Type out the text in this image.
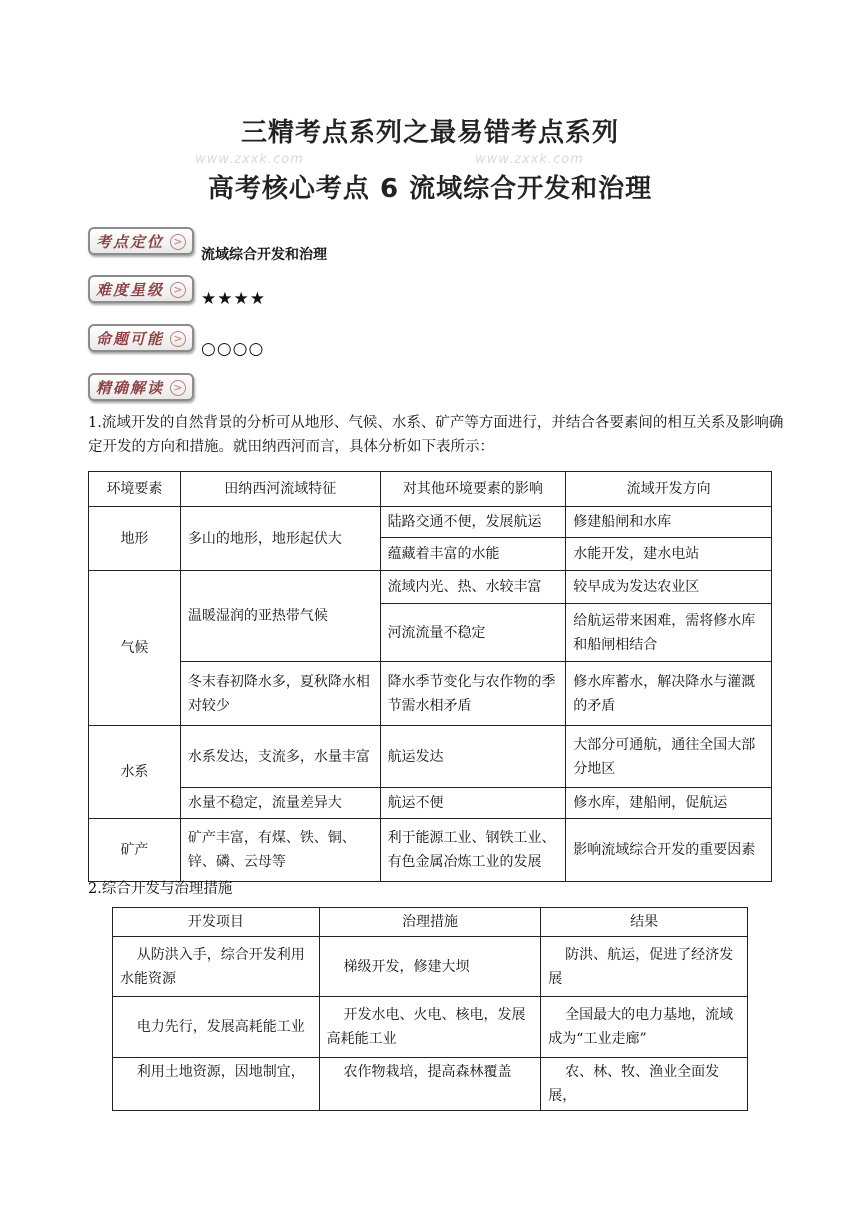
www.zxxk.com	www.zxxk.com
三精考点系列之最易错考点系列
高考核心考点 6 流域综合开发和治理
考点定位 >
流域综合开发和治理
难度星级 > ★★★★
命题可能 >
○○○○
精确解读 >
1.流域开发的自然背景的分析可从地形、气候、水系、矿产等方面进行，并结合各要素间的相互关系及影响确定开发的方向和措施。就田纳西河而言，具体分析如下表所示：
环境要素	田纳西河流域特征	对其他环境要素的影响	流域开发方向
地形	多山的地形，地形起伏大	陆路交通不便，发展航运	修建船闸和水库
		蕴藏着丰富的水能	水能开发，建水电站
气候	温暖湿润的亚热带气候	流域内光、热、水较丰富	较早成为发达农业区
		河流流量不稳定	给航运带来困难，需将修水库和船闸相结合
	冬末春初降水多，夏秋降水相对较少	降水季节变化与农作物的季节需水相矛盾	修水库蓄水，解决降水与灌溉的矛盾
水系	水系发达，支流多，水量丰富	航运发达	大部分可通航，通往全国大部分地区
	水量不稳定，流量差异大	航运不便	修水库，建船闸，促航运
矿产	矿产丰富，有煤、铁、铜、锌、磷、云母等	利于能源工业、钢铁工业、有色金属冶炼工业的发展	影响流域综合开发的重要因素
2.综合开发与治理措施
开发项目	治理措施	结果
从防洪入手，综合开发利用水能资源	梯级开发，修建大坝	防洪、航运，促进了经济发展
电力先行，发展高耗能工业	开发水电、火电、核电，发展高耗能工业	全国最大的电力基地，流域成为“工业走廊”
利用土地资源，因地制宜，	农作物栽培，提高森林覆盖	农、林、牧、渔业全面发展，
